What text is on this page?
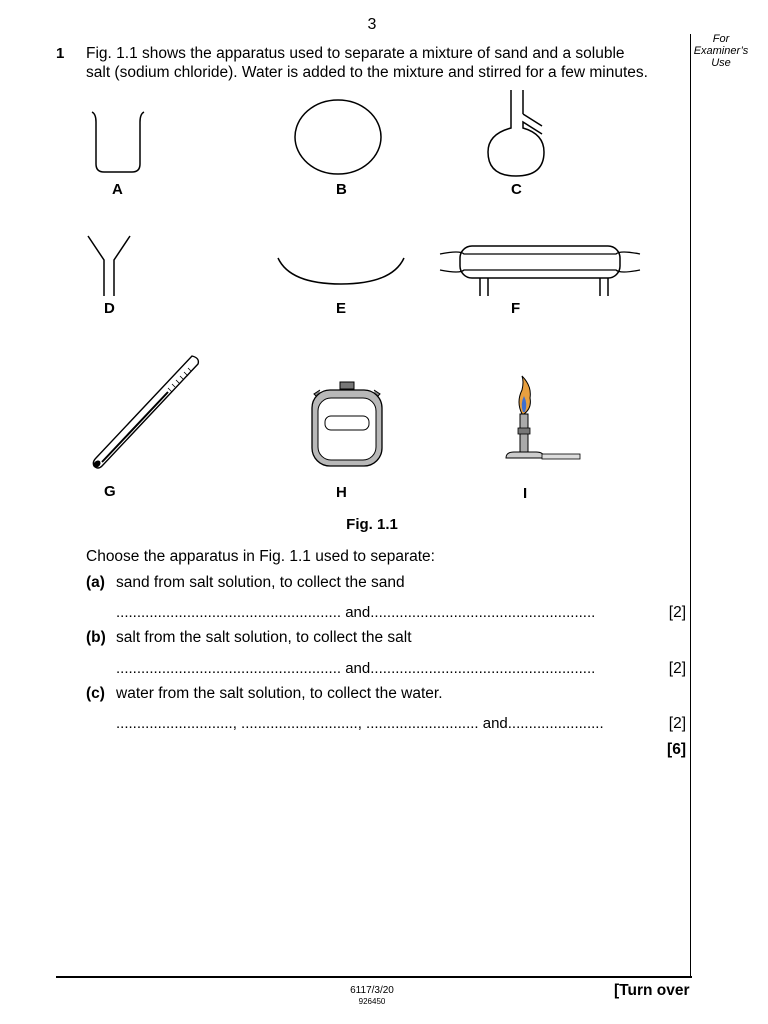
3
For
Examiner’s
Use
1 Fig. 1.1 shows the apparatus used to separate a mixture of sand and a soluble
salt (sodium chloride). Water is added to the mixture and stirred for a few minutes.
A	B	C
D	E	F
G	H	I
Fig. 1.1
Choose the apparatus in Fig. 1.1 used to separate:
(a) sand from salt solution, to collect the sand
...................................................... and......................................................	[2]
(b) salt from the salt solution, to collect the salt
...................................................... and......................................................	[2]
(c) water from the salt solution, to collect the water.
............................, ............................, ........................... and.......................	[2]
[6]
6117/3/20
926450
[Turn over
